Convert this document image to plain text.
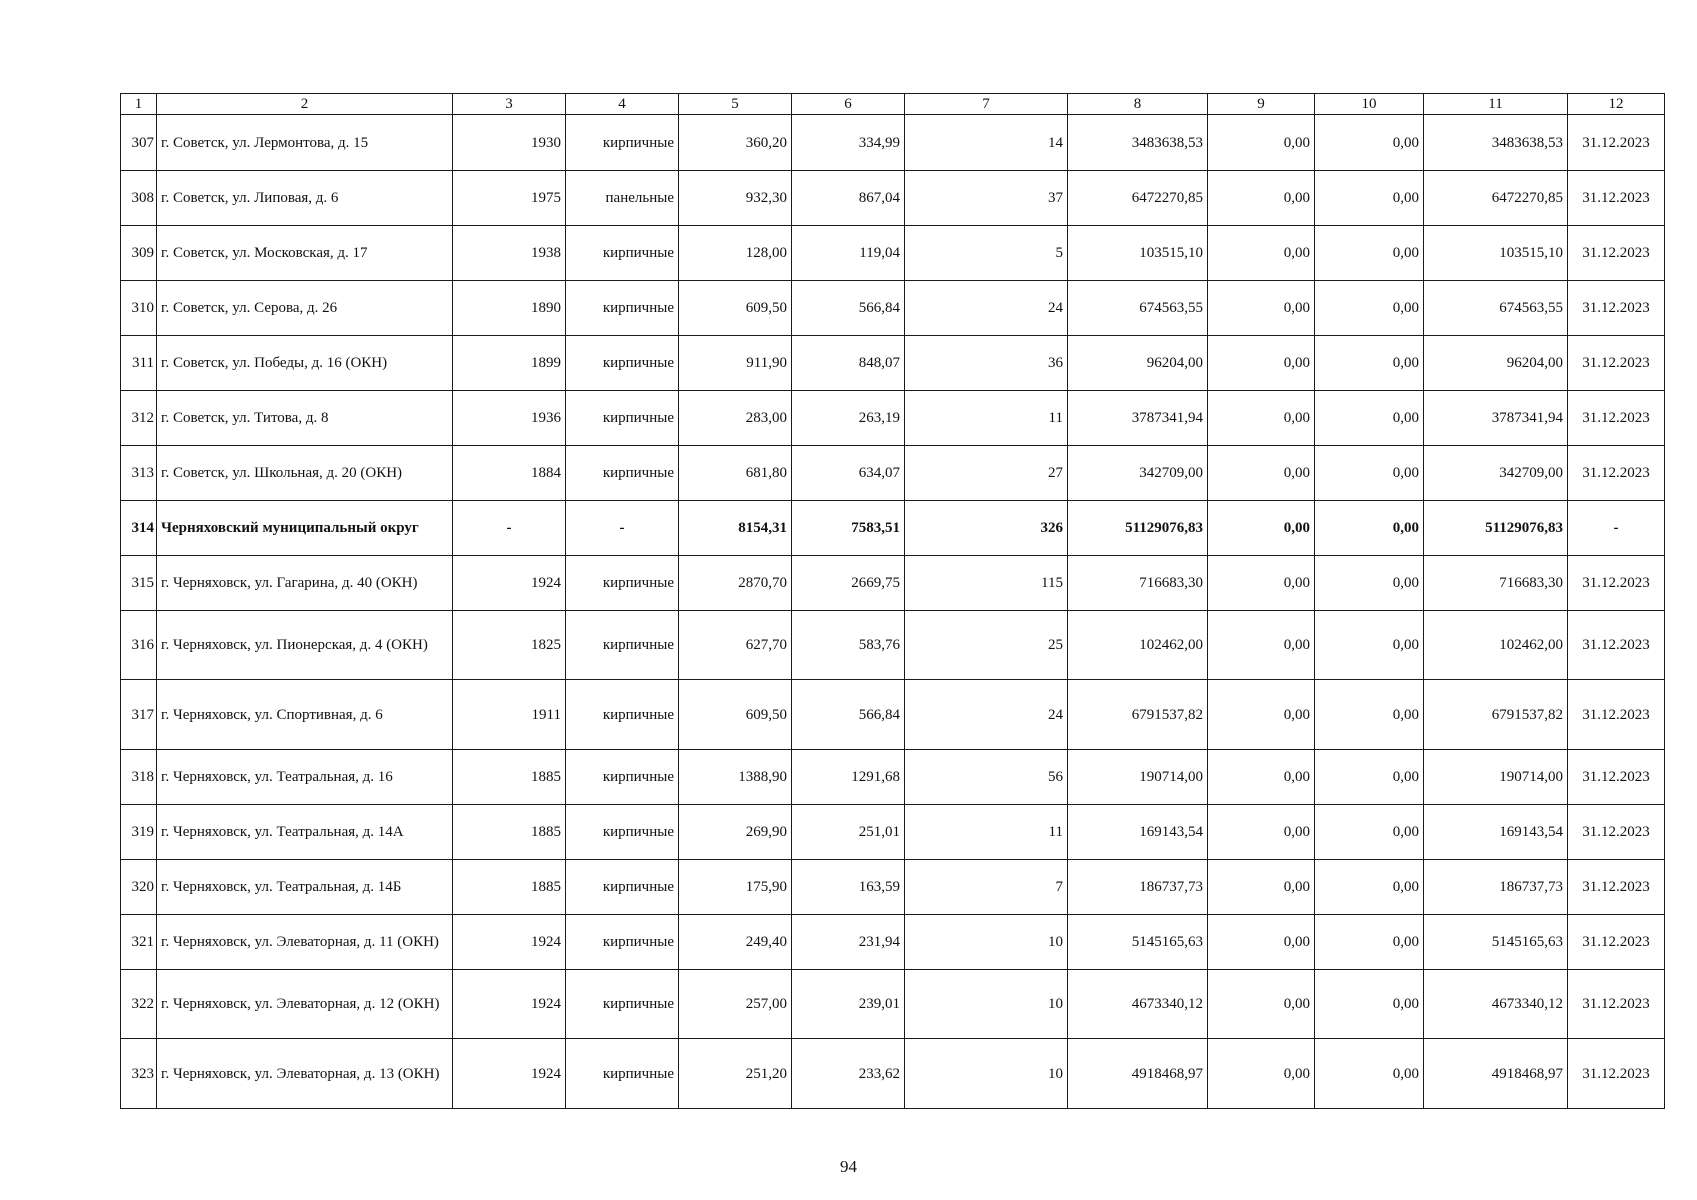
1	2	3	4	5	6	7	8	9	10	11	12
307	г. Советск, ул. Лермонтова, д. 15	1930	кирпичные	360,20	334,99	14	3483638,53	0,00	0,00	3483638,53	31.12.2023
308	г. Советск, ул. Липовая, д. 6	1975	панельные	932,30	867,04	37	6472270,85	0,00	0,00	6472270,85	31.12.2023
309	г. Советск, ул. Московская, д. 17	1938	кирпичные	128,00	119,04	5	103515,10	0,00	0,00	103515,10	31.12.2023
310	г. Советск, ул. Серова, д. 26	1890	кирпичные	609,50	566,84	24	674563,55	0,00	0,00	674563,55	31.12.2023
311	г. Советск, ул. Победы, д. 16 (ОКН)	1899	кирпичные	911,90	848,07	36	96204,00	0,00	0,00	96204,00	31.12.2023
312	г. Советск, ул. Титова, д. 8	1936	кирпичные	283,00	263,19	11	3787341,94	0,00	0,00	3787341,94	31.12.2023
313	г. Советск, ул. Школьная, д. 20 (ОКН)	1884	кирпичные	681,80	634,07	27	342709,00	0,00	0,00	342709,00	31.12.2023
314	Черняховский муниципальный округ	-	-	8154,31	7583,51	326	51129076,83	0,00	0,00	51129076,83	-
315	г. Черняховск, ул. Гагарина, д. 40 (ОКН)	1924	кирпичные	2870,70	2669,75	115	716683,30	0,00	0,00	716683,30	31.12.2023
316	г. Черняховск, ул. Пионерская, д. 4 (ОКН)	1825	кирпичные	627,70	583,76	25	102462,00	0,00	0,00	102462,00	31.12.2023
317	г. Черняховск, ул. Спортивная, д. 6	1911	кирпичные	609,50	566,84	24	6791537,82	0,00	0,00	6791537,82	31.12.2023
318	г. Черняховск, ул. Театральная, д. 16	1885	кирпичные	1388,90	1291,68	56	190714,00	0,00	0,00	190714,00	31.12.2023
319	г. Черняховск, ул. Театральная, д. 14А	1885	кирпичные	269,90	251,01	11	169143,54	0,00	0,00	169143,54	31.12.2023
320	г. Черняховск, ул. Театральная, д. 14Б	1885	кирпичные	175,90	163,59	7	186737,73	0,00	0,00	186737,73	31.12.2023
321	г. Черняховск, ул. Элеваторная, д. 11 (ОКН)	1924	кирпичные	249,40	231,94	10	5145165,63	0,00	0,00	5145165,63	31.12.2023
322	г. Черняховск, ул. Элеваторная, д. 12 (ОКН)	1924	кирпичные	257,00	239,01	10	4673340,12	0,00	0,00	4673340,12	31.12.2023
323	г. Черняховск, ул. Элеваторная, д. 13 (ОКН)	1924	кирпичные	251,20	233,62	10	4918468,97	0,00	0,00	4918468,97	31.12.2023
94
